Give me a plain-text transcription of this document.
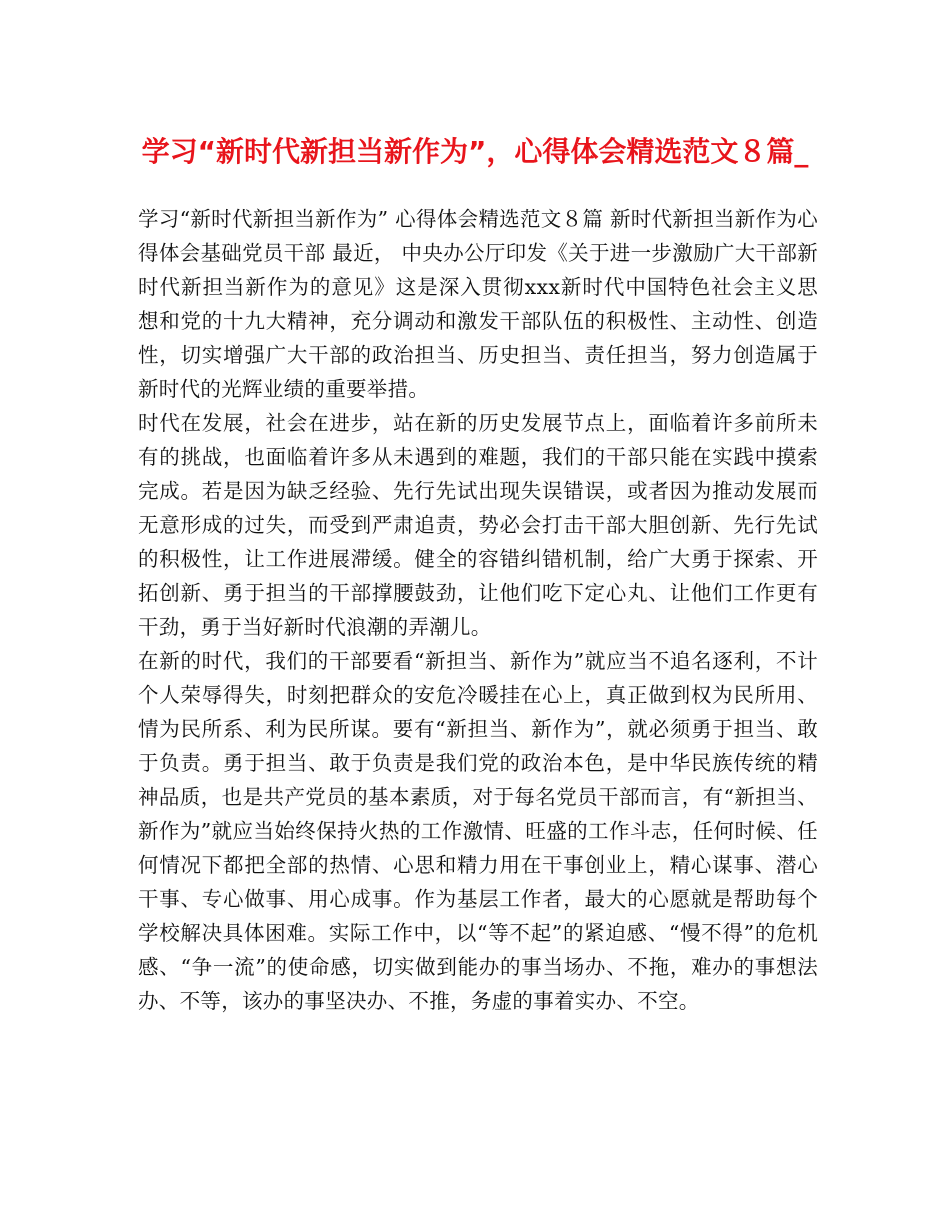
学习“新时代新担当新作为”，心得体会精选范文８篇_

学习“新时代新担当新作为” 心得体会精选范文８篇 新时代新担当新作为心得体会基础党员干部 最近， 中央办公厅印发《关于进一步激励广大干部新时代新担当新作为的意见》这是深入贯彻xxx新时代中国特色社会主义思想和党的十九大精神，充分调动和激发干部队伍的积极性、主动性、创造性，切实增强广大干部的政治担当、历史担当、责任担当，努力创造属于新时代的光辉业绩的重要举措。

时代在发展，社会在进步，站在新的历史发展节点上，面临着许多前所未有的挑战，也面临着许多从未遇到的难题，我们的干部只能在实践中摸索完成。若是因为缺乏经验、先行先试出现失误错误，或者因为推动发展而无意形成的过失，而受到严肃追责，势必会打击干部大胆创新、先行先试的积极性，让工作进展滞缓。健全的容错纠错机制，给广大勇于探索、开拓创新、勇于担当的干部撑腰鼓劲，让他们吃下定心丸、让他们工作更有干劲，勇于当好新时代浪潮的弄潮儿。

在新的时代，我们的干部要看“新担当、新作为”就应当不追名逐利，不计个人荣辱得失，时刻把群众的安危冷暖挂在心上，真正做到权为民所用、情为民所系、利为民所谋。要有“新担当、新作为”，就必须勇于担当、敢于负责。勇于担当、敢于负责是我们党的政治本色，是中华民族传统的精神品质，也是共产党员的基本素质，对于每名党员干部而言，有“新担当、新作为”就应当始终保持火热的工作激情、旺盛的工作斗志，任何时候、任何情况下都把全部的热情、心思和精力用在干事创业上，精心谋事、潜心干事、专心做事、用心成事。作为基层工作者，最大的心愿就是帮助每个学校解决具体困难。实际工作中，以“等不起”的紧迫感、“慢不得”的危机感、“争一流”的使命感，切实做到能办的事当场办、不拖，难办的事想法办、不等，该办的事坚决办、不推，务虚的事着实办、不空。
